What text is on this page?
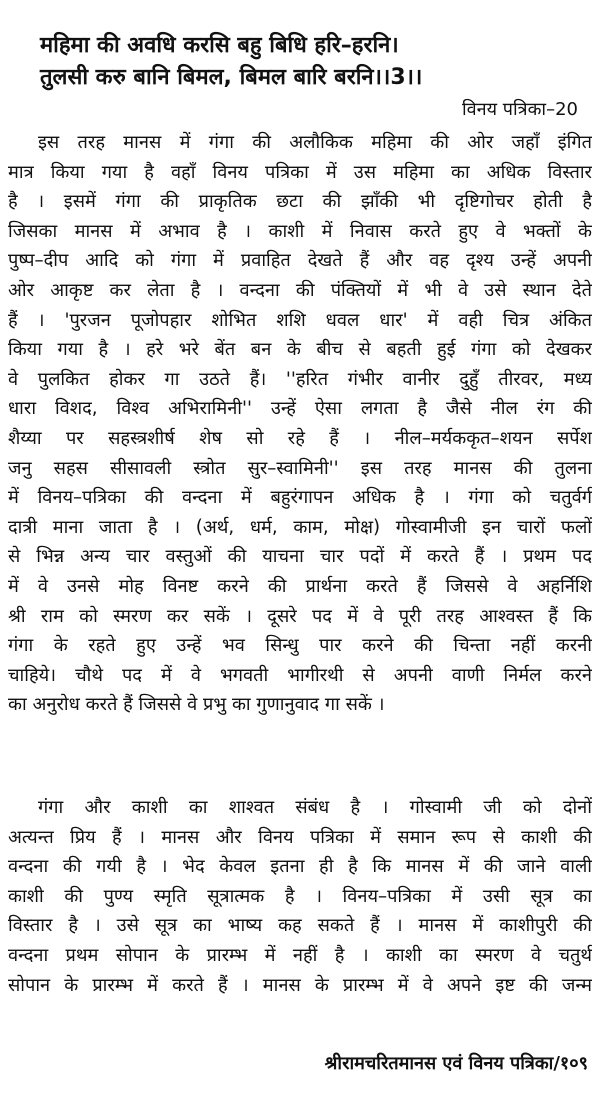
महिमा की अवधि करसि बहु बिधि हरि–हरनि।
तुलसी करु बानि बिमल, बिमल बारि बरनि।।3।।
विनय पत्रिका–20
इस तरह मानस में गंगा की अलौकिक महिमा की ओर जहाँ इंगित
मात्र किया गया है वहाँ विनय पत्रिका में उस महिमा का अधिक विस्तार
है । इसमें गंगा की प्राकृतिक छटा की झाँकी भी दृष्टिगोचर होती है
जिसका मानस में अभाव है । काशी में निवास करते हुए वे भक्तों के
पुष्प–दीप आदि को गंगा में प्रवाहित देखते हैं और वह दृश्य उन्हें अपनी
ओर आकृष्ट कर लेता है । वन्दना की पंक्तियों में भी वे उसे स्थान देते
हैं । 'पुरजन पूजोपहार शोभित शशि धवल धार' में वही चित्र अंकित
किया गया है । हरे भरे बेंत बन के बीच से बहती हुई गंगा को देखकर
वे पुलकित होकर गा उठते हैं। ''हरित गंभीर वानीर दुहुँ तीरवर, मध्य
धारा विशद, विश्व अभिरामिनी'' उन्हें ऐसा लगता है जैसे नील रंग की
शैय्या पर सहस्त्रशीर्ष शेष सो रहे हैं । नील–मर्यककृत–शयन सर्पेश
जनु सहस सीसावली स्त्रोत सुर–स्वामिनी'' इस तरह मानस की तुलना
में विनय–पत्रिका की वन्दना में बहुरंगापन अधिक है । गंगा को चतुर्वर्ग
दात्री माना जाता है । (अर्थ, धर्म, काम, मोक्ष) गोस्वामीजी इन चारों फलों
से भिन्न अन्य चार वस्तुओं की याचना चार पदों में करते हैं । प्रथम पद
में वे उनसे मोह विनष्ट करने की प्रार्थना करते हैं जिससे वे अहर्निशि
श्री राम को स्मरण कर सकें । दूसरे पद में वे पूरी तरह आश्वस्त हैं कि
गंगा के रहते हुए उन्हें भव सिन्धु पार करने की चिन्ता नहीं करनी
चाहिये। चौथे पद में वे भगवती भागीरथी से अपनी वाणी निर्मल करने
का अनुरोध करते हैं जिससे वे प्रभु का गुणानुवाद गा सकें ।
गंगा और काशी का शाश्वत संबंध है । गोस्वामी जी को दोनों
अत्यन्त प्रिय हैं । मानस और विनय पत्रिका में समान रूप से काशी की
वन्दना की गयी है । भेद केवल इतना ही है कि मानस में की जाने वाली
काशी की पुण्य स्मृति सूत्रात्मक है । विनय–पत्रिका में उसी सूत्र का
विस्तार है । उसे सूत्र का भाष्य कह सकते हैं । मानस में काशीपुरी की
वन्दना प्रथम सोपान के प्रारम्भ में नहीं है । काशी का स्मरण वे चतुर्थ
सोपान के प्रारम्भ में करते हैं । मानस के प्रारम्भ में वे अपने इष्ट की जन्म
श्रीरामचरितमानस एवं विनय पत्रिका/१०९
